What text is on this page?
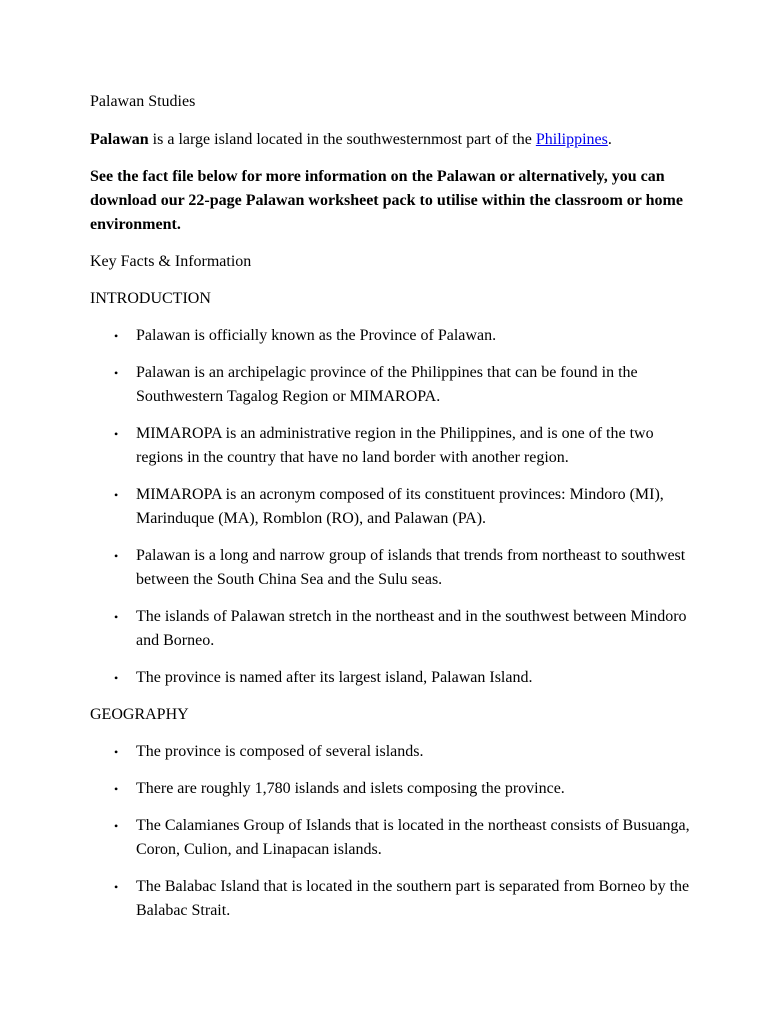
Palawan Studies

Palawan is a large island located in the southwesternmost part of the Philippines.

See the fact file below for more information on the Palawan or alternatively, you can download our 22-page Palawan worksheet pack to utilise within the classroom or home environment.

Key Facts & Information

INTRODUCTION

• Palawan is officially known as the Province of Palawan.
• Palawan is an archipelagic province of the Philippines that can be found in the Southwestern Tagalog Region or MIMAROPA.
• MIMAROPA is an administrative region in the Philippines, and is one of the two regions in the country that have no land border with another region.
• MIMAROPA is an acronym composed of its constituent provinces: Mindoro (MI), Marinduque (MA), Romblon (RO), and Palawan (PA).
• Palawan is a long and narrow group of islands that trends from northeast to southwest between the South China Sea and the Sulu seas.
• The islands of Palawan stretch in the northeast and in the southwest between Mindoro and Borneo.
• The province is named after its largest island, Palawan Island.

GEOGRAPHY

• The province is composed of several islands.
• There are roughly 1,780 islands and islets composing the province.
• The Calamianes Group of Islands that is located in the northeast consists of Busuanga, Coron, Culion, and Linapacan islands.
• The Balabac Island that is located in the southern part is separated from Borneo by the Balabac Strait.
